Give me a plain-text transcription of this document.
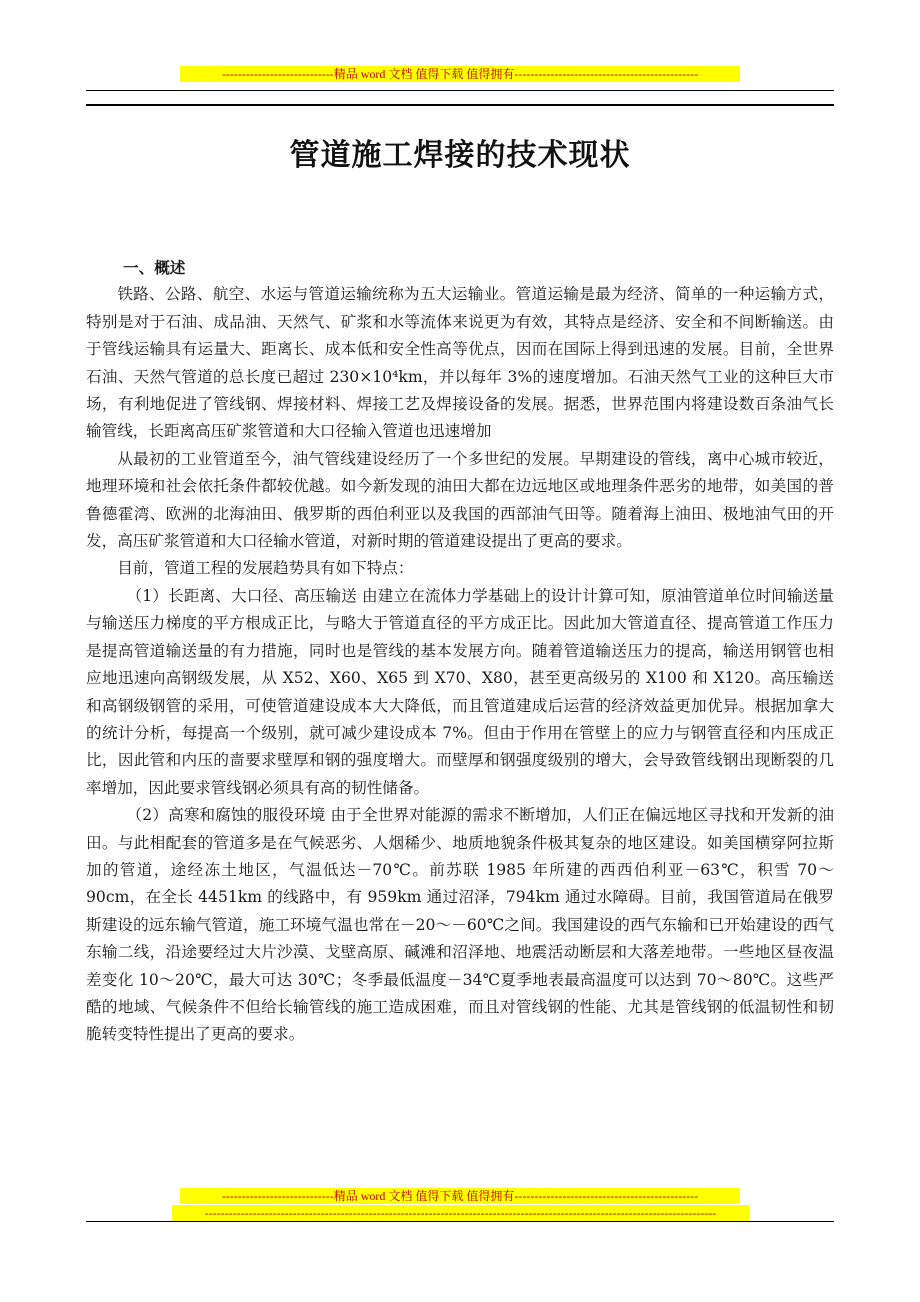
----------------------------精品 word 文档 值得下载 值得拥有----------------------------------------------
管道施工焊接的技术现状
一、概述

铁路、公路、航空、水运与管道运输统称为五大运输业。管道运输是最为经济、简单的一种运输方式，特别是对于石油、成品油、天然气、矿浆和水等流体来说更为有效，其特点是经济、安全和不间断输送。由于管线运输具有运量大、距离长、成本低和安全性高等优点，因而在国际上得到迅速的发展。目前，全世界石油、天然气管道的总长度已超过 230×10⁴km，并以每年 3%的速度增加。石油天然气工业的这种巨大市场，有利地促进了管线钢、焊接材料、焊接工艺及焊接设备的发展。据悉，世界范围内将建设数百条油气长输管线，长距离高压矿浆管道和大口径输入管道也迅速增加

从最初的工业管道至今，油气管线建设经历了一个多世纪的发展。早期建设的管线，离中心城市较近，地理环境和社会依托条件都较优越。如今新发现的油田大都在边远地区或地理条件恶劣的地带，如美国的普鲁德霍湾、欧洲的北海油田、俄罗斯的西伯利亚以及我国的西部油气田等。随着海上油田、极地油气田的开发，高压矿浆管道和大口径输水管道，对新时期的管道建设提出了更高的要求。

目前，管道工程的发展趋势具有如下特点：

（1）长距离、大口径、高压输送 由建立在流体力学基础上的设计计算可知，原油管道单位时间输送量与输送压力梯度的平方根成正比，与略大于管道直径的平方成正比。因此加大管道直径、提高管道工作压力是提高管道输送量的有力措施，同时也是管线的基本发展方向。随着管道输送压力的提高，输送用钢管也相应地迅速向高钢级发展，从 X52、X60、X65 到 X70、X80，甚至更高级另的 X100 和 X120。高压输送和高钢级钢管的采用，可使管道建设成本大大降低，而且管道建成后运营的经济效益更加优异。根据加拿大的统计分析，每提高一个级别，就可减少建设成本 7%。但由于作用在管壁上的应力与钢管直径和内压成正比，因此管和内压的啬要求壁厚和钢的强度增大。而壁厚和钢强度级别的增大，会导致管线钢出现断裂的几率增加，因此要求管线钢必须具有高的韧性储备。

（2）高寒和腐蚀的服役环境 由于全世界对能源的需求不断增加，人们正在偏远地区寻找和开发新的油田。与此相配套的管道多是在气候恶劣、人烟稀少、地质地貌条件极其复杂的地区建设。如美国横穿阿拉斯加的管道，途经冻土地区，气温低达－70℃。前苏联 1985 年所建的西西伯利亚－63℃，积雪 70～90cm，在全长 4451km 的线路中，有 959km 通过沼泽，794km 通过水障碍。目前，我国管道局在俄罗斯建设的远东输气管道，施工环境气温也常在－20～－60℃之间。我国建设的西气东输和已开始建设的西气东输二线，沿途要经过大片沙漠、戈壁高原、碱滩和沼泽地、地震活动断层和大落差地带。一些地区昼夜温差变化 10～20℃，最大可达 30℃；冬季最低温度－34℃夏季地表最高温度可以达到 70～80℃。这些严酷的地域、气候条件不但给长输管线的施工造成困难，而且对管线钢的性能、尤其是管线钢的低温韧性和韧脆转变特性提出了更高的要求。

----------------------------精品 word 文档 值得下载 值得拥有----------------------------------------------
--------------------------------------------------------------------------------------------------------------------------------
